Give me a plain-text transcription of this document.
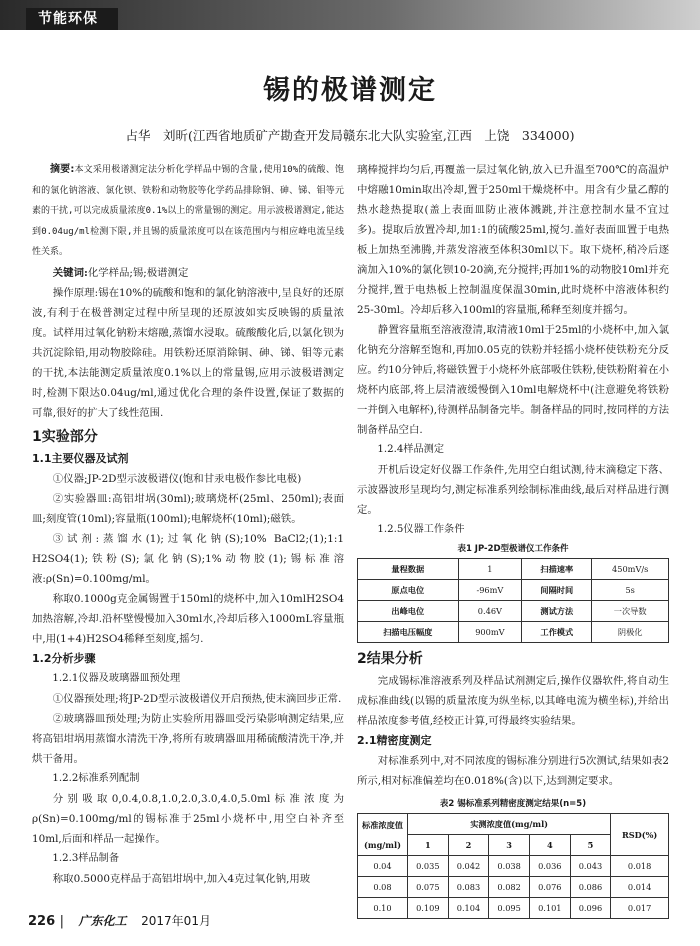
节能环保
锡的极谱测定
占华　刘昕(江西省地质矿产勘查开发局赣东北大队实验室,江西　上饶　334000)

摘要:本文采用极谱测定法分析化学样品中锡的含量,使用10%的硫酸、饱和的氯化钠溶液、氯化钡、铁粉和动物胶等化学药品排除铜、砷、锑、钼等元素的干扰,可以完成质量浓度0.1%以上的常量锡的测定。用示波极谱测定,能达到0.04ug/ml检测下限,并且锡的质量浓度可以在该范围内与相应峰电流呈线性关系。

关键词:化学样品;锡;极谱测定

操作原理:锡在10%的硫酸和饱和的氯化钠溶液中,呈良好的还原波,有利于在极普测定过程中所呈现的还原波如实反映锡的质量浓度。试样用过氧化钠粉末熔融,蒸馏水浸取。硫酸酸化后,以氯化钡为共沉淀除铅,用动物胶除硅。用铁粉还原消除铜、砷、锑、钼等元素的干扰,本法能测定质量浓度0.1%以上的常量锡,应用示波极谱测定时,检测下限达0.04ug/ml,通过优化合理的条件设置,保证了数据的可靠,很好的扩大了线性范围.

1实验部分
1.1主要仪器及试剂

①仪器;JP-2D型示波极谱仪(饱和甘汞电极作参比电极)

②实验器皿:高铝坩埚(30ml);玻璃烧杯(25ml、250ml);表面皿;刻度管(10ml);容量瓶(100ml);电解烧杯(10ml);磁铁。

③试剂:蒸馏水(1);过氧化钠(S);10% BaCl2;(1);1:1 H2SO4(1);铁粉(S);氯化钠(S);1%动物胶(1);锡标准溶液:ρ(Sn)=0.100mg/ml。

称取0.1000g克金属锡置于150ml的烧杯中,加入10mlH2SO4加热溶解,冷却.沿杯壁慢慢加入30ml水,冷却后移入1000mL容量瓶中,用(1+4)H2SO4稀释至刻度,摇匀.

1.2分析步骤
1.2.1仪器及玻璃器皿预处理

①仪器预处理;将JP-2D型示波极谱仪开启预热,使末滴回步正常.

②玻璃器皿预处理;为防止实验所用器皿受污染影响测定结果,应将高铝坩埚用蒸馏水清洗干净,将所有玻璃器皿用稀硫酸清洗干净,并烘干备用。

1.2.2标准系列配制

分别吸取0,0.4,0.8,1.0,2.0,3.0,4.0,5.0ml标准浓度为ρ(Sn)=0.100mg/ml的锡标准于25ml小烧杯中,用空白补齐至10ml,后面和样品一起操作。

1.2.3样品制备

称取0.5000克样品于高铝坩埚中,加入4克过氧化钠,用玻

璃棒搅拌均匀后,再覆盖一层过氧化钠,放入已升温至700℃的高温炉中熔融10min取出冷却,置于250ml干燥烧杯中。用含有少量乙醇的热水趁热提取(盖上表面皿防止液体溅跳,并注意控制水量不宜过多)。提取后放置冷却,加1:1的硫酸25ml,搅匀.盖好表面皿置于电热板上加热至沸腾,并蒸发溶液至体积30ml以下。取下烧杯,稍冷后逐滴加入10%的氯化钡10-20滴,充分搅拌;再加1%的动物胶10ml并充分搅拌,置于电热板上控制温度保温30min,此时烧杯中溶液体积约25-30ml。冷却后移入100ml的容量瓶,稀释至刻度并摇匀。

静置容量瓶至溶液澄清,取清液10ml于25ml的小烧杯中,加入氯化钠充分溶解至饱和,再加0.05克的铁粉并轻摇小烧杯使铁粉充分反应。约10分钟后,将磁铁置于小烧杯外底部吸住铁粉,使铁粉附着在小烧杯内底部,将上层清液缓慢倒入10ml电解烧杯中(注意避免将铁粉一并倒入电解杯),待测样品制备完毕。制备样品的同时,按同样的方法制备样品空白.

1.2.4样品测定

开机后设定好仪器工作条件,先用空白组试测,待末滴稳定下落、示波器波形呈现均匀,测定标准系列绘制标准曲线,最后对样品进行测定。

1.2.5仪器工作条件
表1 JP-2D型极谱仪工作条件
量程数据	1	扫描速率	450mV/s
原点电位	-96mV	间隔时间	5s
出峰电位	0.46V	测试方法	一次导数
扫描电压幅度	900mV	工作模式	阴极化
2结果分析

完成锡标准溶液系列及样品试剂测定后,操作仪器软件,将自动生成标准曲线(以锡的质量浓度为纵坐标,以其峰电流为横坐标),并给出样品浓度参考值,经校正计算,可得最终实验结果。

2.1精密度测定

对标准系列中,对不同浓度的锡标准分别进行5次测试,结果如表2所示,相对标准偏差均在0.018%(含)以下,达到测定要求。

表2 锡标准系列精密度测定结果(n=5)
标准浓度值(mg/ml)	实测浓度值(mg/ml)					RSD(%)
	1	2	3	4	5	
0.04	0.035	0.042	0.038	0.036	0.043	0.018
0.08	0.075	0.083	0.082	0.076	0.086	0.014
0.10	0.109	0.104	0.095	0.101	0.096	0.017
226 | 广东化工 2017年01月
